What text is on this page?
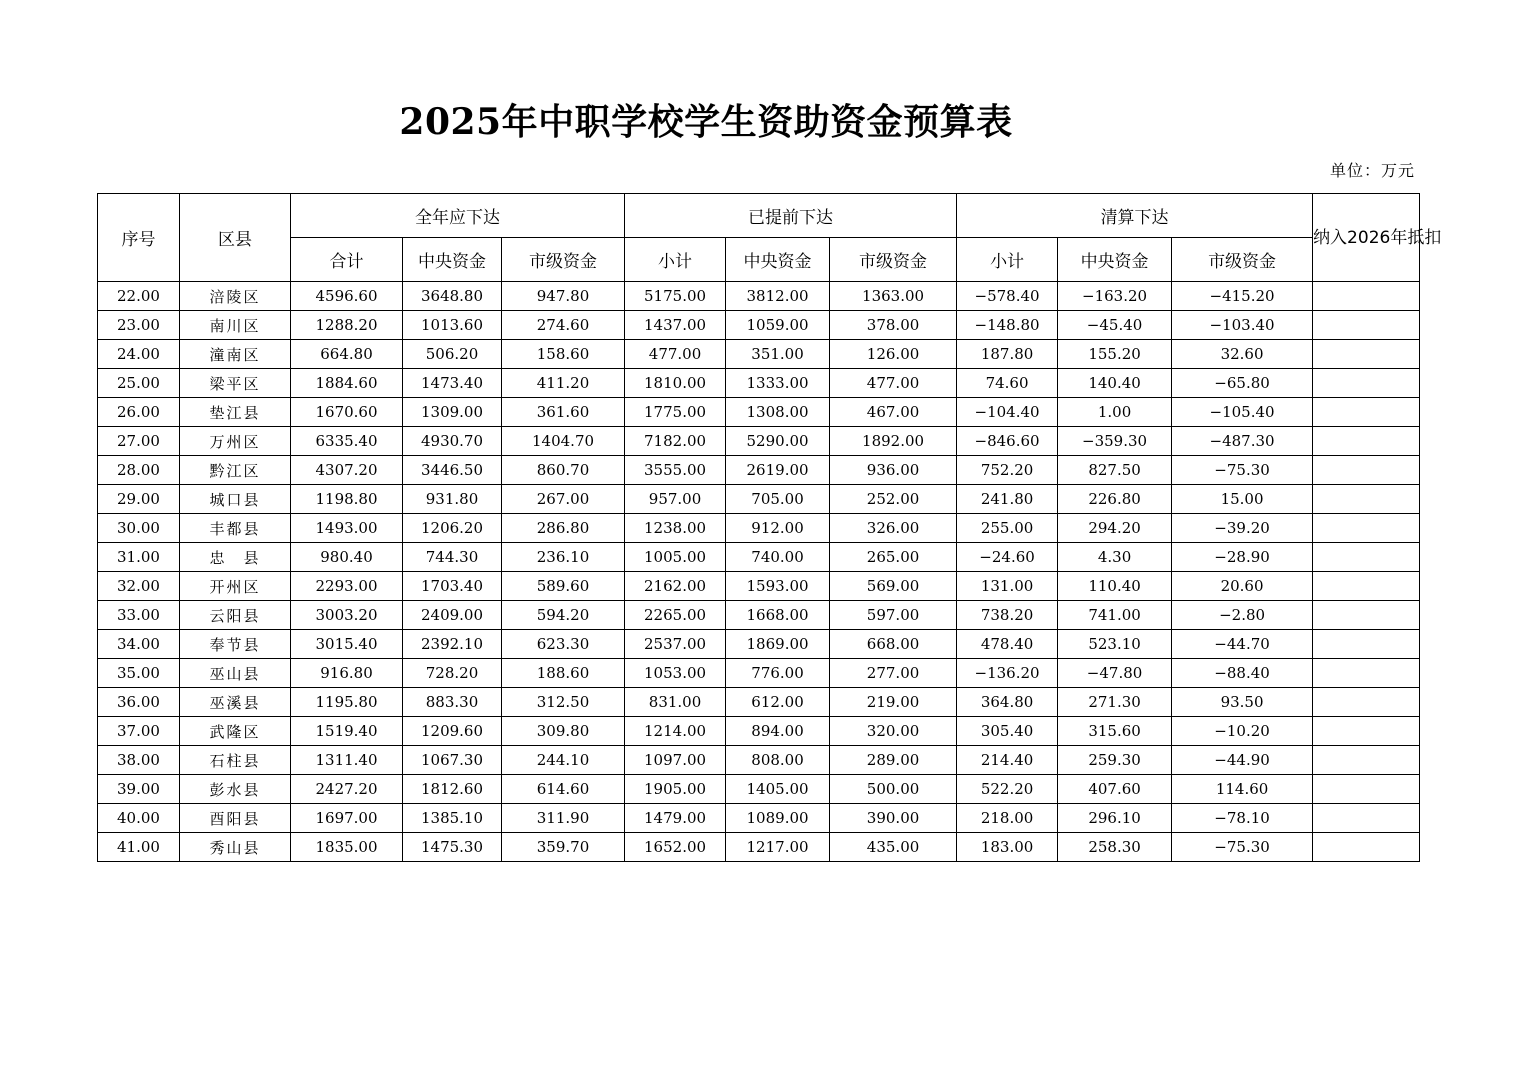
2025年中职学校学生资助资金预算表
单位：万元
序号	区县	全年应下达			已提前下达			清算下达			纳入2026年抵扣
		合计	中央资金	市级资金	小计	中央资金	市级资金	小计	中央资金	市级资金	
22.00	涪陵区	4596.60	3648.80	947.80	5175.00	3812.00	1363.00	−578.40	−163.20	−415.20	
23.00	南川区	1288.20	1013.60	274.60	1437.00	1059.00	378.00	−148.80	−45.40	−103.40	
24.00	潼南区	664.80	506.20	158.60	477.00	351.00	126.00	187.80	155.20	32.60	
25.00	梁平区	1884.60	1473.40	411.20	1810.00	1333.00	477.00	74.60	140.40	−65.80	
26.00	垫江县	1670.60	1309.00	361.60	1775.00	1308.00	467.00	−104.40	1.00	−105.40	
27.00	万州区	6335.40	4930.70	1404.70	7182.00	5290.00	1892.00	−846.60	−359.30	−487.30	
28.00	黔江区	4307.20	3446.50	860.70	3555.00	2619.00	936.00	752.20	827.50	−75.30	
29.00	城口县	1198.80	931.80	267.00	957.00	705.00	252.00	241.80	226.80	15.00	
30.00	丰都县	1493.00	1206.20	286.80	1238.00	912.00	326.00	255.00	294.20	−39.20	
31.00	忠　县	980.40	744.30	236.10	1005.00	740.00	265.00	−24.60	4.30	−28.90	
32.00	开州区	2293.00	1703.40	589.60	2162.00	1593.00	569.00	131.00	110.40	20.60	
33.00	云阳县	3003.20	2409.00	594.20	2265.00	1668.00	597.00	738.20	741.00	−2.80	
34.00	奉节县	3015.40	2392.10	623.30	2537.00	1869.00	668.00	478.40	523.10	−44.70	
35.00	巫山县	916.80	728.20	188.60	1053.00	776.00	277.00	−136.20	−47.80	−88.40	
36.00	巫溪县	1195.80	883.30	312.50	831.00	612.00	219.00	364.80	271.30	93.50	
37.00	武隆区	1519.40	1209.60	309.80	1214.00	894.00	320.00	305.40	315.60	−10.20	
38.00	石柱县	1311.40	1067.30	244.10	1097.00	808.00	289.00	214.40	259.30	−44.90	
39.00	彭水县	2427.20	1812.60	614.60	1905.00	1405.00	500.00	522.20	407.60	114.60	
40.00	酉阳县	1697.00	1385.10	311.90	1479.00	1089.00	390.00	218.00	296.10	−78.10	
41.00	秀山县	1835.00	1475.30	359.70	1652.00	1217.00	435.00	183.00	258.30	−75.30	
